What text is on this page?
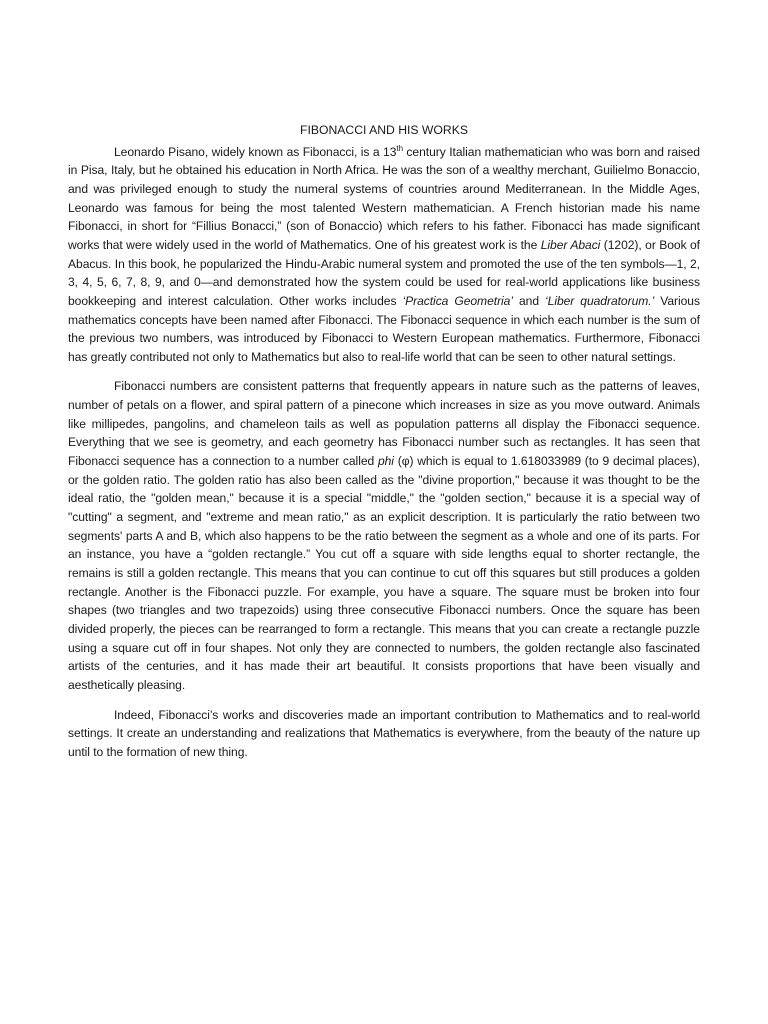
FIBONACCI AND HIS WORKS

Leonardo Pisano, widely known as Fibonacci, is a 13th century Italian mathematician who was born and raised in Pisa, Italy, but he obtained his education in North Africa. He was the son of a wealthy merchant, Guilielmo Bonaccio, and was privileged enough to study the numeral systems of countries around Mediterranean. In the Middle Ages, Leonardo was famous for being the most talented Western mathematician. A French historian made his name Fibonacci, in short for “Fillius Bonacci,” (son of Bonaccio) which refers to his father. Fibonacci has made significant works that were widely used in the world of Mathematics. One of his greatest work is the Liber Abaci (1202), or Book of Abacus. In this book, he popularized the Hindu-Arabic numeral system and promoted the use of the ten symbols—1, 2, 3, 4, 5, 6, 7, 8, 9, and 0—and demonstrated how the system could be used for real-world applications like business bookkeeping and interest calculation. Other works includes ‘Practica Geometria’ and ‘Liber quadratorum.’ Various mathematics concepts have been named after Fibonacci. The Fibonacci sequence in which each number is the sum of the previous two numbers, was introduced by Fibonacci to Western European mathematics. Furthermore, Fibonacci has greatly contributed not only to Mathematics but also to real-life world that can be seen to other natural settings.

Fibonacci numbers are consistent patterns that frequently appears in nature such as the patterns of leaves, number of petals on a flower, and spiral pattern of a pinecone which increases in size as you move outward. Animals like millipedes, pangolins, and chameleon tails as well as population patterns all display the Fibonacci sequence. Everything that we see is geometry, and each geometry has Fibonacci number such as rectangles. It has seen that Fibonacci sequence has a connection to a number called phi (φ) which is equal to 1.618033989 (to 9 decimal places), or the golden ratio. The golden ratio has also been called as the "divine proportion," because it was thought to be the ideal ratio, the "golden mean," because it is a special "middle," the "golden section," because it is a special way of "cutting" a segment, and "extreme and mean ratio," as an explicit description. It is particularly the ratio between two segments' parts A and B, which also happens to be the ratio between the segment as a whole and one of its parts. For an instance, you have a “golden rectangle.” You cut off a square with side lengths equal to shorter rectangle, the remains is still a golden rectangle. This means that you can continue to cut off this squares but still produces a golden rectangle. Another is the Fibonacci puzzle. For example, you have a square. The square must be broken into four shapes (two triangles and two trapezoids) using three consecutive Fibonacci numbers. Once the square has been divided properly, the pieces can be rearranged to form a rectangle. This means that you can create a rectangle puzzle using a square cut off in four shapes. Not only they are connected to numbers, the golden rectangle also fascinated artists of the centuries, and it has made their art beautiful. It consists proportions that have been visually and aesthetically pleasing.

Indeed, Fibonacci’s works and discoveries made an important contribution to Mathematics and to real-world settings. It create an understanding and realizations that Mathematics is everywhere, from the beauty of the nature up until to the formation of new thing.
